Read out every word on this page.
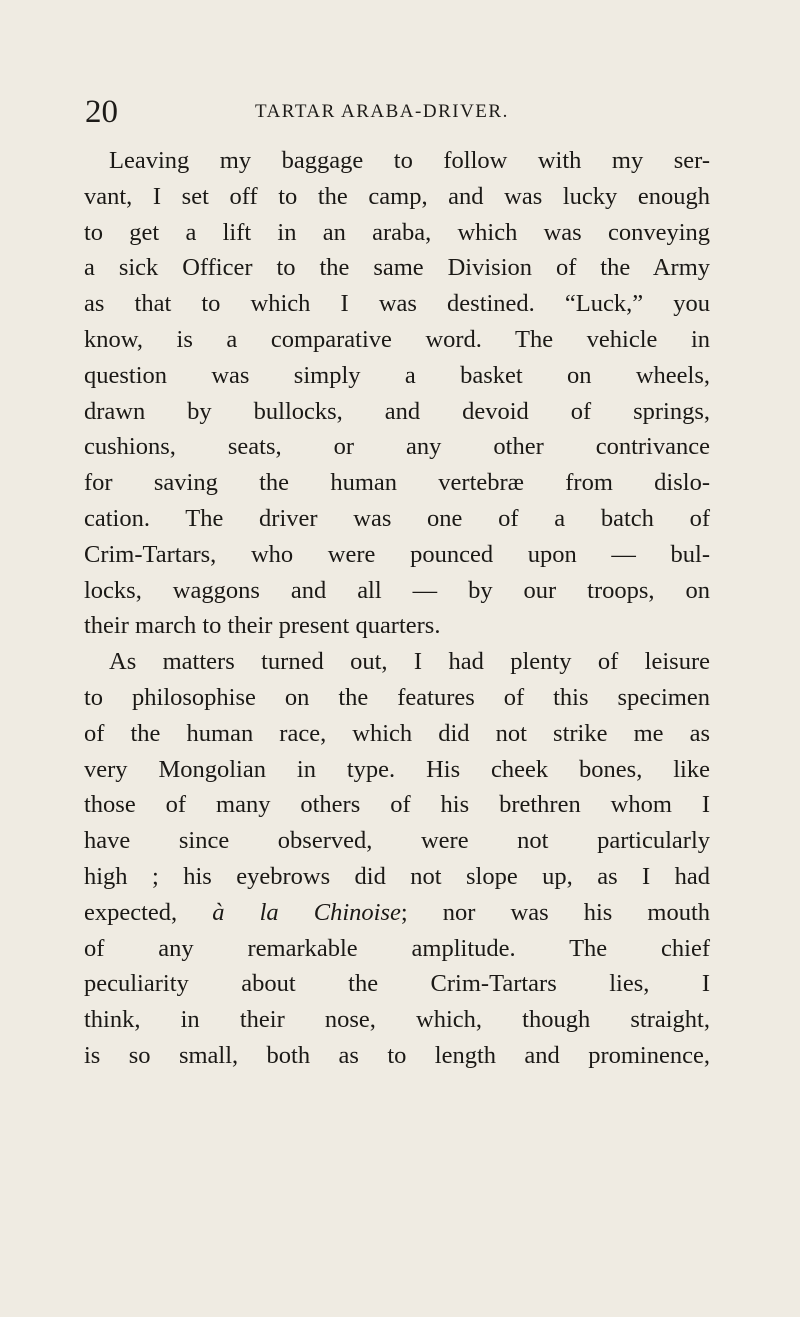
20	TARTAR ARABA-DRIVER.
Leaving my baggage to follow with my ser-
vant, I set off to the camp, and was lucky enough
to get a lift in an araba, which was conveying
a sick Officer to the same Division of the Army
as that to which I was destined. “Luck,” you
know, is a comparative word. The vehicle in
question was simply a basket on wheels,
drawn by bullocks, and devoid of springs,
cushions, seats, or any other contrivance
for saving the human vertebræ from dislo-
cation. The driver was one of a batch of
Crim-Tartars, who were pounced upon — bul-
locks, waggons and all — by our troops, on
their march to their present quarters.
As matters turned out, I had plenty of leisure
to philosophise on the features of this specimen
of the human race, which did not strike me as
very Mongolian in type. His cheek bones, like
those of many others of his brethren whom I
have since observed, were not particularly
high ; his eyebrows did not slope up, as I had
expected, à la Chinoise; nor was his mouth
of any remarkable amplitude. The chief
peculiarity about the Crim-Tartars lies, I
think, in their nose, which, though straight,
is so small, both as to length and prominence,
